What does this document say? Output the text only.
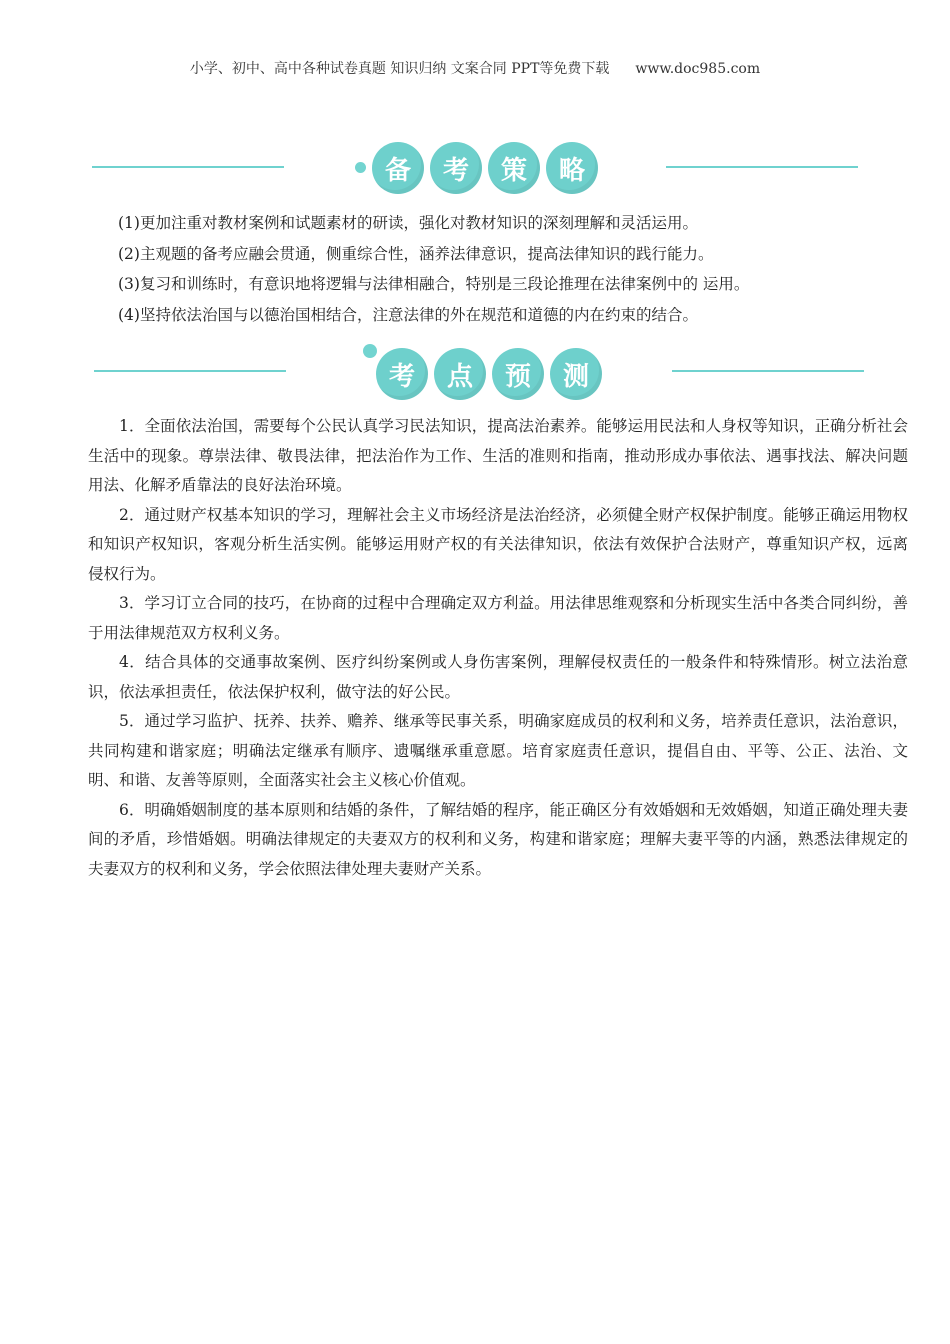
小学、初中、高中各种试卷真题 知识归纳 文案合同 PPT等免费下载 www.doc985.com
备	考	策	略

(1)更加注重对教材案例和试题素材的研读，强化对教材知识的深刻理解和灵活运用。

(2)主观题的备考应融会贯通，侧重综合性，涵养法律意识，提高法律知识的践行能力。

(3)复习和训练时，有意识地将逻辑与法律相融合，特别是三段论推理在法律案例中的 运用。

(4)坚持依法治国与以德治国相结合，注意法律的外在规范和道德的内在约束的结合。

考	点	预	测

1．全面依法治国，需要每个公民认真学习民法知识，提高法治素养。能够运用民法和人身权等知识，正确分析社会生活中的现象。尊崇法律、敬畏法律，把法治作为工作、生活的准则和指南，推动形成办事依法、遇事找法、解决问题用法、化解矛盾靠法的良好法治环境。

2．通过财产权基本知识的学习，理解社会主义市场经济是法治经济，必须健全财产权保护制度。能够正确运用物权和知识产权知识，客观分析生活实例。能够运用财产权的有关法律知识，依法有效保护合法财产，尊重知识产权，远离侵权行为。

3．学习订立合同的技巧，在协商的过程中合理确定双方利益。用法律思维观察和分析现实生活中各类合同纠纷，善于用法律规范双方权利义务。

4．结合具体的交通事故案例、医疗纠纷案例或人身伤害案例，理解侵权责任的一般条件和特殊情形。树立法治意识，依法承担责任，依法保护权利，做守法的好公民。

5．通过学习监护、抚养、扶养、赡养、继承等民事关系，明确家庭成员的权利和义务，培养责任意识，法治意识，共同构建和谐家庭；明确法定继承有顺序、遗嘱继承重意愿。培育家庭责任意识，提倡自由、平等、公正、法治、文明、和谐、友善等原则，全面落实社会主义核心价值观。

6．明确婚姻制度的基本原则和结婚的条件，了解结婚的程序，能正确区分有效婚姻和无效婚姻，知道正确处理夫妻间的矛盾，珍惜婚姻。明确法律规定的夫妻双方的权利和义务，构建和谐家庭；理解夫妻平等的内涵，熟悉法律规定的夫妻双方的权利和义务，学会依照法律处理夫妻财产关系。
